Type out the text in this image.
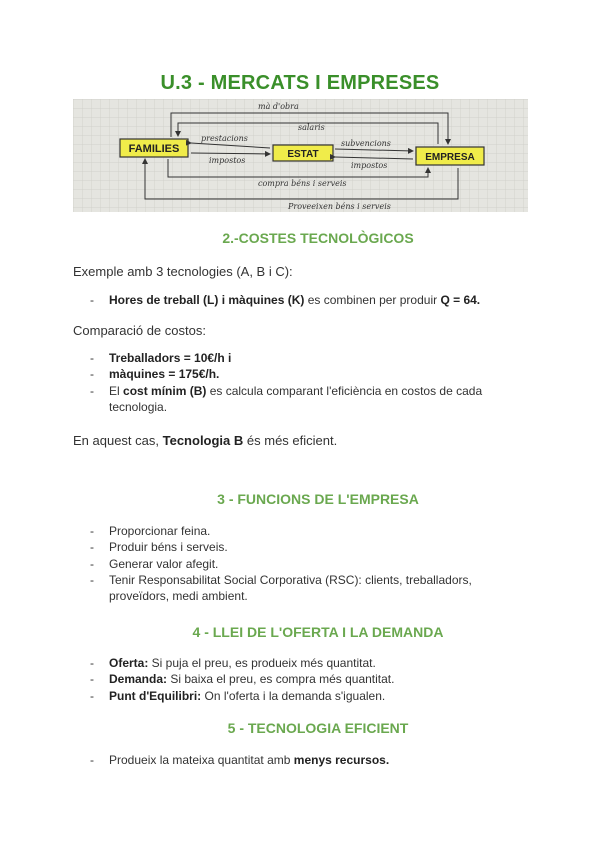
U.3 - MERCATS I EMPRESES
FAMILIES	ESTAT	EMPRESA
mà d'obra
salaris
prestacions
impostos
subvencions
impostos
compra béns i serveis
Proveeixen béns i serveis
2.-COSTES TECNOLÒGICOS
Exemple amb 3 tecnologies (A, B i C):
- Hores de treball (L) i màquines (K) es combinen per produir Q = 64.
Comparació de costos:
- Treballadors = 10€/h i
- màquines = 175€/h.
- El cost mínim (B) es calcula comparant l'eficiència en costos de cada tecnologia.
En aquest cas, Tecnologia B és més eficient.
3 - FUNCIONS DE L'EMPRESA
- Proporcionar feina.
- Produir béns i serveis.
- Generar valor afegit.
- Tenir Responsabilitat Social Corporativa (RSC): clients, treballadors, proveïdors, medi ambient.
4 - LLEI DE L'OFERTA I LA DEMANDA
- Oferta: Si puja el preu, es produeix més quantitat.
- Demanda: Si baixa el preu, es compra més quantitat.
- Punt d'Equilibri: On l'oferta i la demanda s'igualen.
5 - TECNOLOGIA EFICIENT
- Produeix la mateixa quantitat amb menys recursos.
